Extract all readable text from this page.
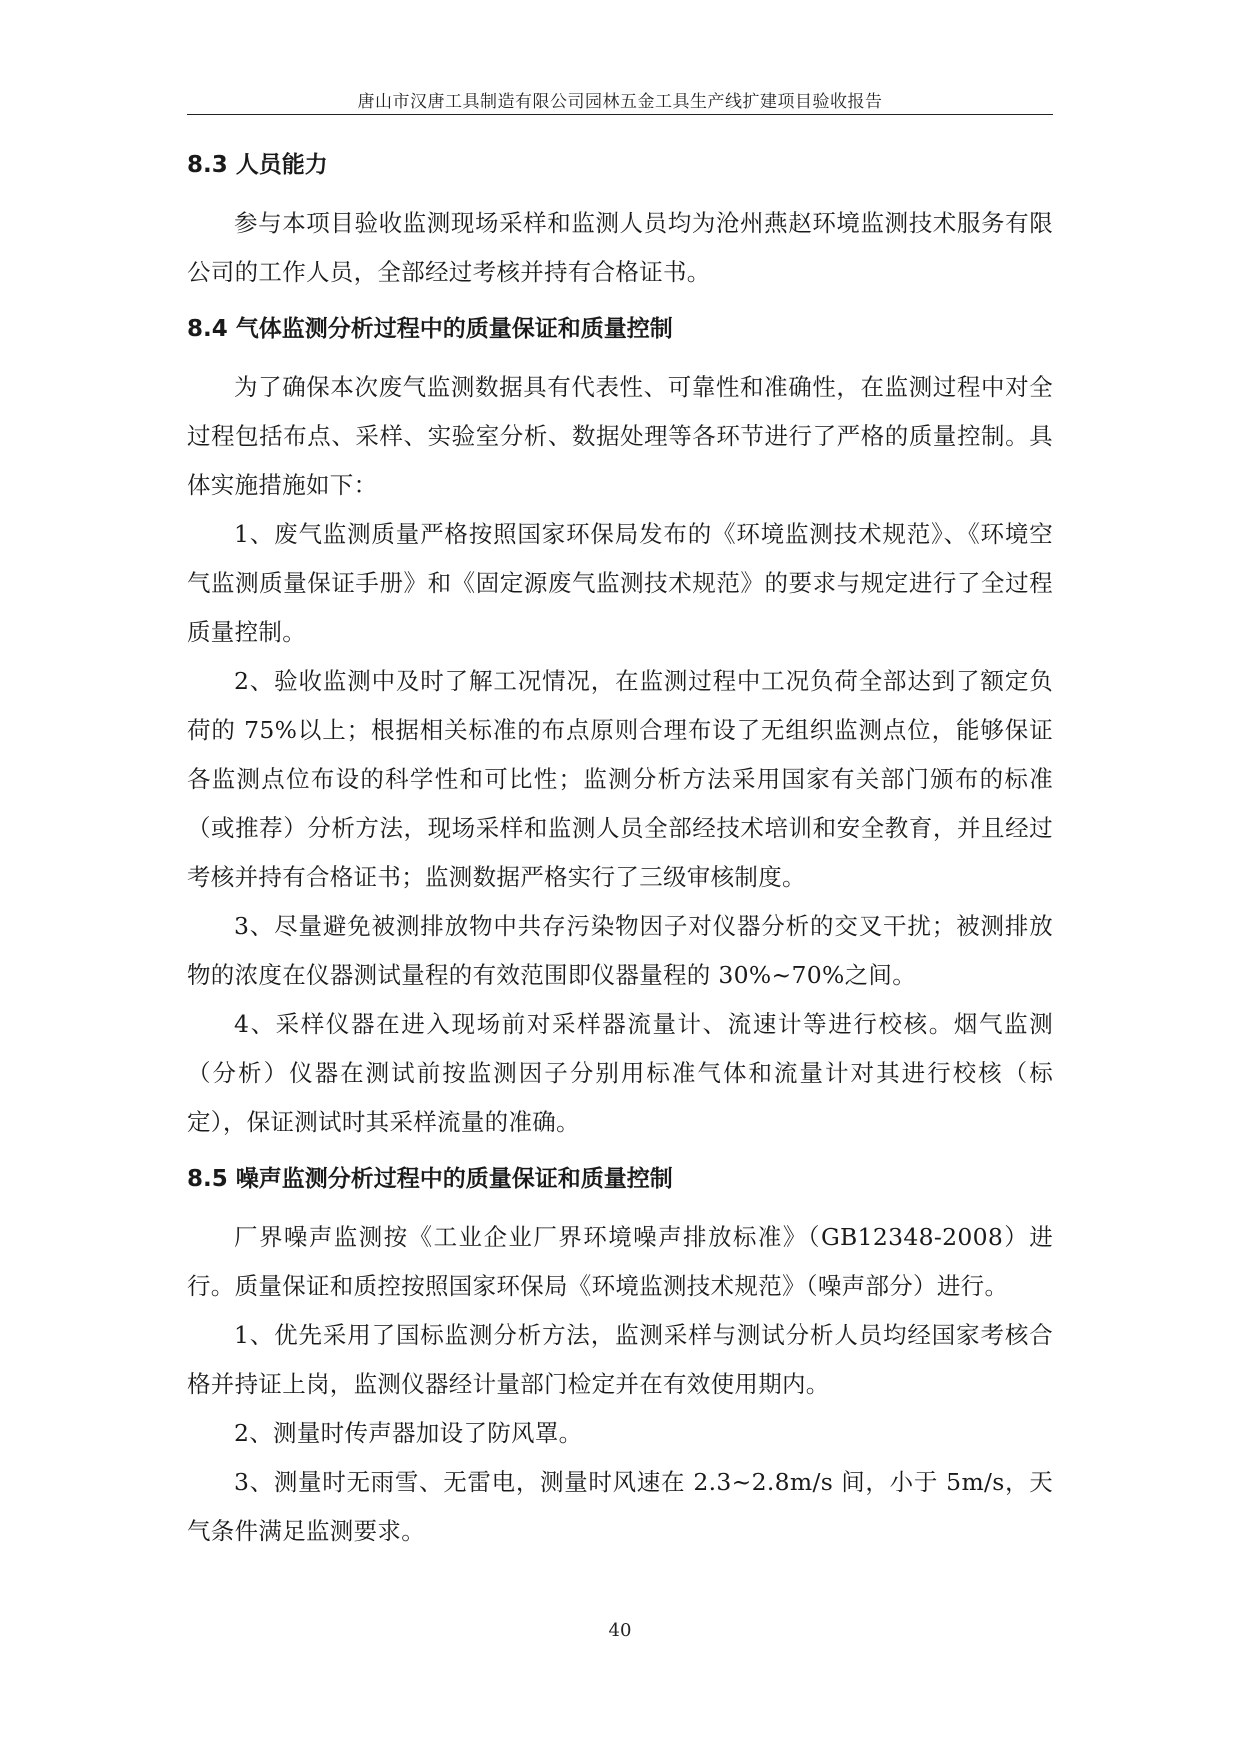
唐山市汉唐工具制造有限公司园林五金工具生产线扩建项目验收报告
8.3 人员能力

参与本项目验收监测现场采样和监测人员均为沧州燕赵环境监测技术服务有限公司的工作人员，全部经过考核并持有合格证书。

8.4 气体监测分析过程中的质量保证和质量控制

为了确保本次废气监测数据具有代表性、可靠性和准确性，在监测过程中对全过程包括布点、采样、实验室分析、数据处理等各环节进行了严格的质量控制。具体实施措施如下：

1、废气监测质量严格按照国家环保局发布的《环境监测技术规范》、《环境空气监测质量保证手册》和《固定源废气监测技术规范》的要求与规定进行了全过程质量控制。

2、验收监测中及时了解工况情况，在监测过程中工况负荷全部达到了额定负荷的 75%以上；根据相关标准的布点原则合理布设了无组织监测点位，能够保证各监测点位布设的科学性和可比性；监测分析方法采用国家有关部门颁布的标准（或推荐）分析方法，现场采样和监测人员全部经技术培训和安全教育，并且经过考核并持有合格证书；监测数据严格实行了三级审核制度。

3、尽量避免被测排放物中共存污染物因子对仪器分析的交叉干扰；被测排放物的浓度在仪器测试量程的有效范围即仪器量程的 30%~70%之间。

4、采样仪器在进入现场前对采样器流量计、流速计等进行校核。烟气监测（分析）仪器在测试前按监测因子分别用标准气体和流量计对其进行校核（标定），保证测试时其采样流量的准确。

8.5 噪声监测分析过程中的质量保证和质量控制

厂界噪声监测按《工业企业厂界环境噪声排放标准》（GB12348-2008）进行。质量保证和质控按照国家环保局《环境监测技术规范》（噪声部分）进行。

1、优先采用了国标监测分析方法，监测采样与测试分析人员均经国家考核合格并持证上岗，监测仪器经计量部门检定并在有效使用期内。

2、测量时传声器加设了防风罩。

3、测量时无雨雪、无雷电，测量时风速在 2.3~2.8m/s 间，小于 5m/s，天气条件满足监测要求。

40
